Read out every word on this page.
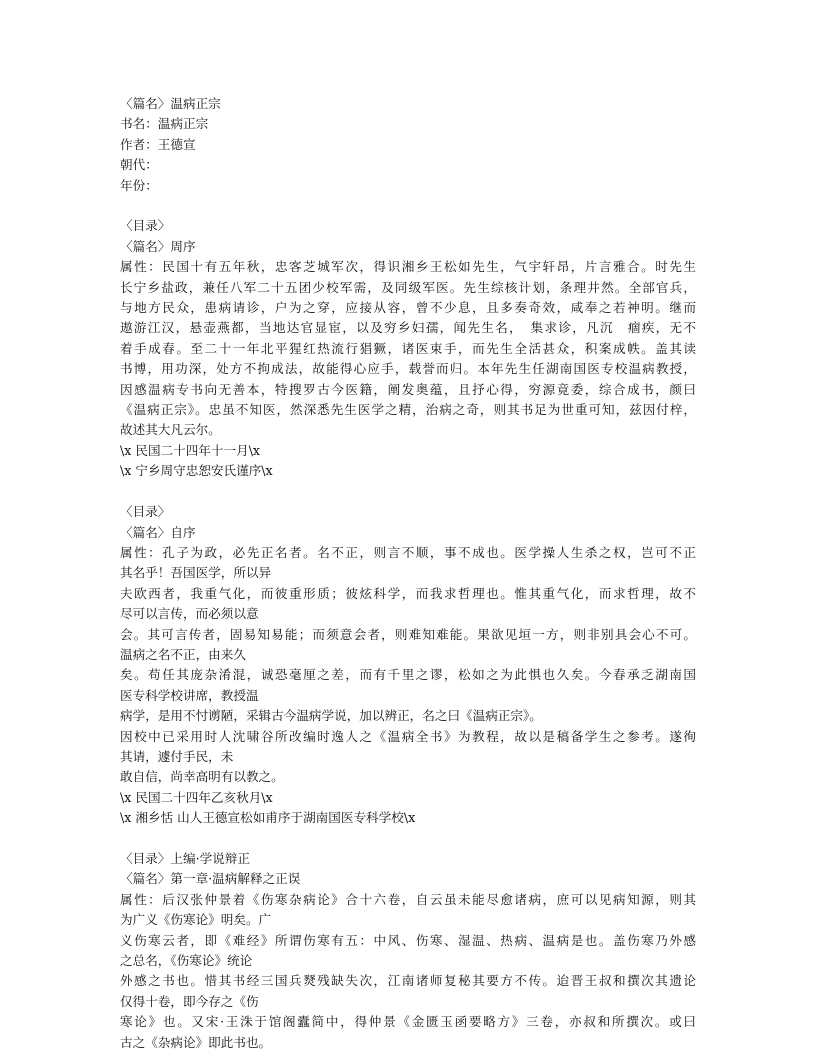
〈篇名〉温病正宗
书名：温病正宗
作者：王德宣
朝代：
年份：
〈目录〉
〈篇名〉周序
属性：民国十有五年秋，忠客芝城军次，得识湘乡王松如先生，气宇轩昂，片言雅合。时先生
长宁乡盐政，兼任八军二十五团少校军需，及同级军医。先生综核计划，条理井然。全部官兵，
与地方民众，患病请诊，户为之穿，应接从容，曾不少息，且多奏奇效，咸奉之若神明。继而
遨游江汉，悬壶燕都，当地达官显宦，以及穷乡妇孺，闻先生名，　集求诊，凡沉　痼疾，无不
着手成春。至二十一年北平猩红热流行猖獗，诸医束手，而先生全活甚众，积案成帙。盖其读
书博，用功深，处方不拘成法，故能得心应手，载誉而归。本年先生任湖南国医专校温病教授，
因感温病专书向无善本，特搜罗古今医籍，阐发奥蕴，且抒心得，穷源竟委，综合成书，颜曰
《温病正宗》。忠虽不知医，然深悉先生医学之精，治病之奇，则其书足为世重可知，兹因付梓，
故述其大凡云尔。
\x 民国二十四年十一月\x
\x 宁乡周守忠恕安氏谨序\x
〈目录〉
〈篇名〉自序
属性：孔子为政，必先正名者。名不正，则言不顺，事不成也。医学操人生杀之权，岂可不正
其名乎！吾国医学，所以异
夫欧西者，我重气化，而彼重形质；彼炫科学，而我求哲理也。惟其重气化，而求哲理，故不
尽可以言传，而必须以意
会。其可言传者，固易知易能；而须意会者，则难知难能。果欲见垣一方，则非别具会心不可。
温病之名不正，由来久
矣。苟任其庞杂淆混，诚恐毫厘之差，而有千里之谬，松如之为此惧也久矣。今春承乏湖南国
医专科学校讲席，教授温
病学，是用不忖谫陋，采辑古今温病学说，加以辨正，名之曰《温病正宗》。
因校中已采用时人沈啸谷所改编时逸人之《温病全书》为教程，故以是稿备学生之参考。遂徇
其请，遽付手民，未
敢自信，尚幸高明有以教之。
\x 民国二十四年乙亥秋月\x
\x 湘乡恬 山人王德宣松如甫序于湖南国医专科学校\x
〈目录〉上编·学说辩正
〈篇名〉第一章·温病解释之正误
属性：后汉张仲景着《伤寒杂病论》合十六卷，自云虽未能尽愈诸病，庶可以见病知源，则其
为广义《伤寒论》明矣。广
义伤寒云者，即《难经》所谓伤寒有五：中风、伤寒、湿温、热病、温病是也。盖伤寒乃外感
之总名，《伤寒论》统论
外感之书也。惜其书经三国兵燹残缺失次，江南诸师复秘其要方不传。迨晋王叔和撰次其遗论
仅得十卷，即今存之《伤
寒论》也。又宋·王洙于馆阁蠹简中，得仲景《金匮玉函要略方》三卷，亦叔和所撰次。或曰
古之《杂病论》即此书也。
